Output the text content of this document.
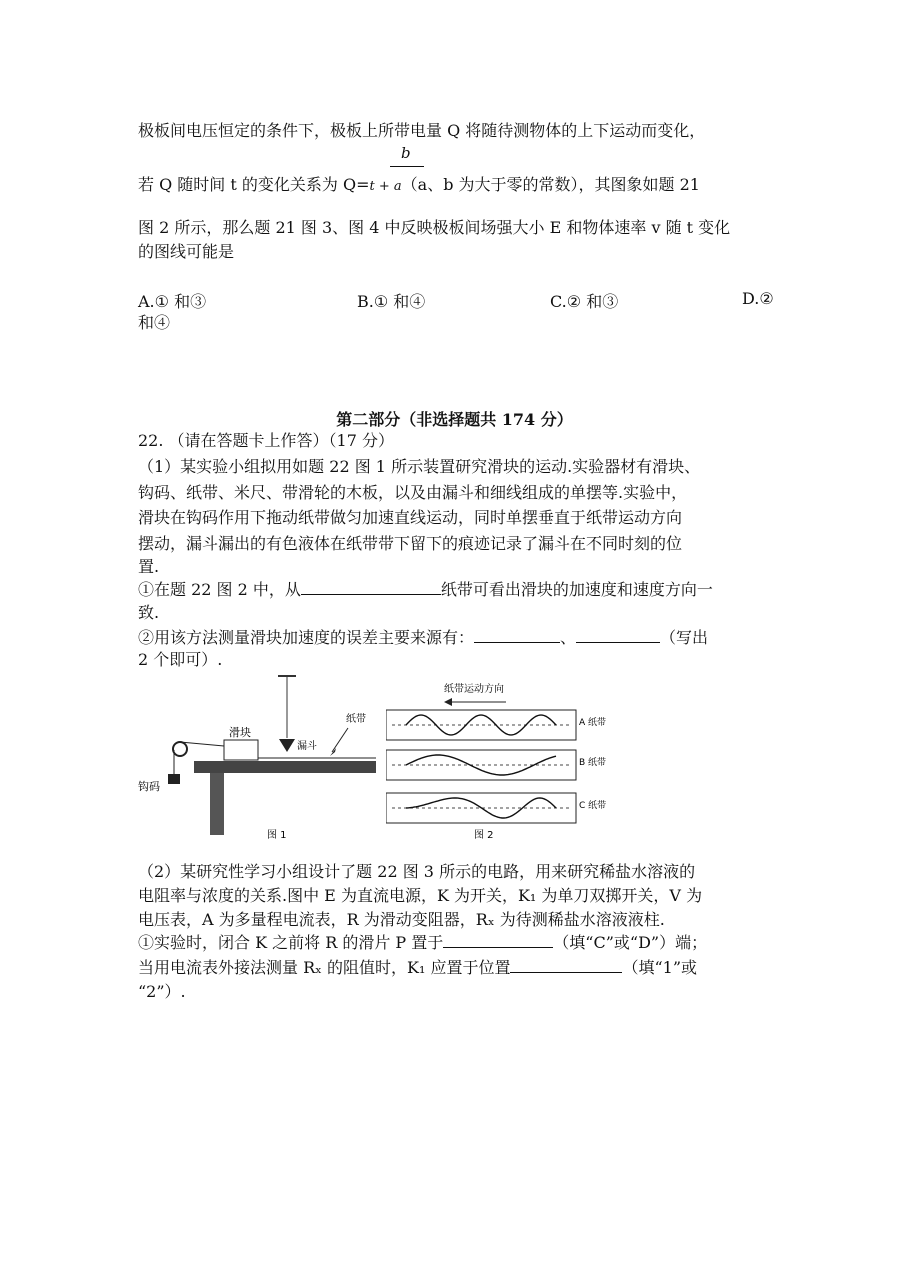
极板间电压恒定的条件下，极板上所带电量 Q 将随待测物体的上下运动而变化，
b
若 Q 随时间 t 的变化关系为 Q=t + a（a、b 为大于零的常数），其图象如题 21
图 2 所示，那么题 21 图 3、图 4 中反映极板间场强大小 E 和物体速率 v 随 t 变化
的图线可能是
A.① 和③	B.① 和④	C.② 和③	D.②
和④
第二部分（非选择题共 174 分）
22. （请在答题卡上作答）（17 分）
（1）某实验小组拟用如题 22 图 1 所示装置研究滑块的运动.实验器材有滑块、
钩码、纸带、米尺、带滑轮的木板，以及由漏斗和细线组成的单摆等.实验中，
滑块在钩码作用下拖动纸带做匀加速直线运动，同时单摆垂直于纸带运动方向
摆动，漏斗漏出的有色液体在纸带带下留下的痕迹记录了漏斗在不同时刻的位
置.
①在题 22 图 2 中，从	纸带可看出滑块的加速度和速度方向一
致.
②用该方法测量滑块加速度的误差主要来源有：	、	（写出
2 个即可）.
滑块
钩码
漏斗
纸带
图 1
纸带运动方向
A 纸带
B 纸带
C 纸带
图 2
（2）某研究性学习小组设计了题 22 图 3 所示的电路，用来研究稀盐水溶液的
电阻率与浓度的关系.图中 E 为直流电源，K 为开关，K₁ 为单刀双掷开关，V 为
电压表，A 为多量程电流表，R 为滑动变阻器，Rₓ 为待测稀盐水溶液液柱.
①实验时，闭合 K 之前将 R 的滑片 P 置于	（填“C”或“D”）端；
当用电流表外接法测量 Rₓ 的阻值时，K₁ 应置于位置	（填“1”或
“2”）.
